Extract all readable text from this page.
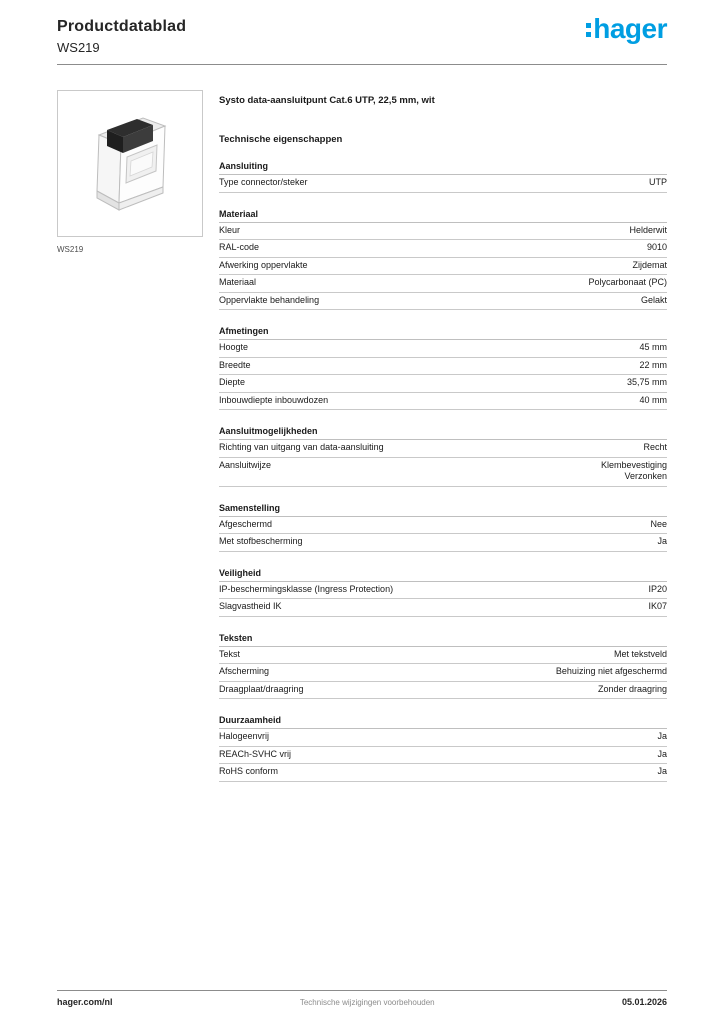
Productdatablad
WS219
hager
WS219
Systo data-aansluitpunt Cat.6 UTP, 22,5 mm, wit
Technische eigenschappen
Aansluiting
Type connector/steker	UTP
Materiaal
Kleur	Helderwit
RAL-code	9010
Afwerking oppervlakte	Zijdemat
Materiaal	Polycarbonaat (PC)
Oppervlakte behandeling	Gelakt
Afmetingen
Hoogte	45 mm
Breedte	22 mm
Diepte	35,75 mm
Inbouwdiepte inbouwdozen	40 mm
Aansluitmogelijkheden
Richting van uitgang van data-aansluiting	Recht
Aansluitwijze	Klembevestiging
Verzonken
Samenstelling
Afgeschermd	Nee
Met stofbescherming	Ja
Veiligheid
IP-beschermingsklasse (Ingress Protection)	IP20
Slagvastheid IK	IK07
Teksten
Tekst	Met tekstveld
Afscherming	Behuizing niet afgeschermd
Draagplaat/draagring	Zonder draagring
Duurzaamheid
Halogeenvrij	Ja
REACh-SVHC vrij	Ja
RoHS conform	Ja
hager.com/nl	Technische wijzigingen voorbehouden	05.01.2026
